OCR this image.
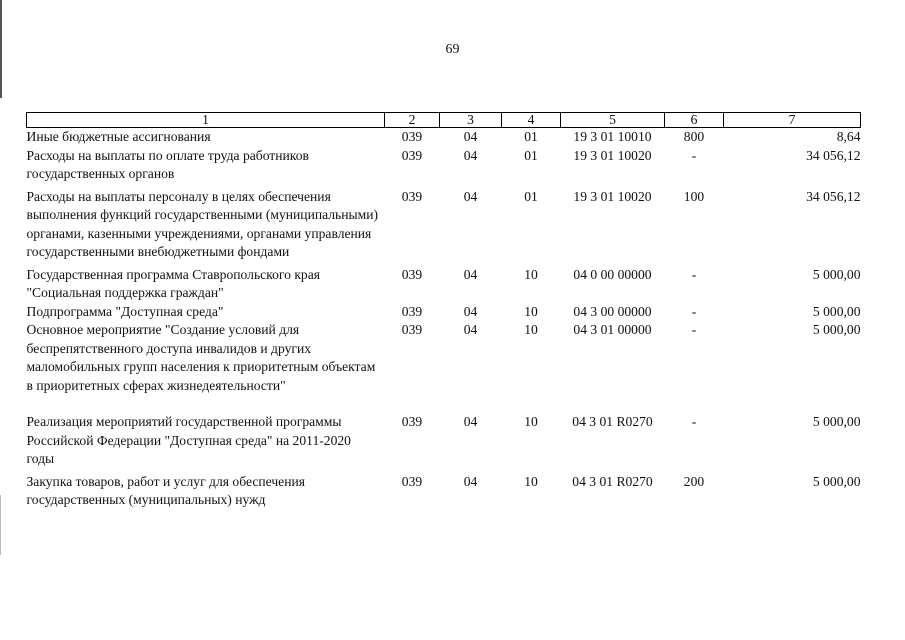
69
1	2	3	4	5	6	7
Иные бюджетные ассигнования	039	04	01	19 3 01 10010	800	8,64
Расходы на выплаты по оплате труда работников государственных органов	039	04	01	19 3 01 10020	-	34 056,12
Расходы на выплаты персоналу в целях обеспечения выполнения функций государственными (муниципальными) органами, казенными учреждениями, органами управления государственными внебюджетными фондами	039	04	01	19 3 01 10020	100	34 056,12
Государственная программа Ставропольского края "Социальная поддержка граждан"	039	04	10	04 0 00 00000	-	5 000,00
Подпрограмма "Доступная среда"	039	04	10	04 3 00 00000	-	5 000,00
Основное мероприятие "Создание условий для беспрепятственного доступа инвалидов и других маломобильных групп населения к приоритетным объектам в приоритетных сферах жизнедеятельности"	039	04	10	04 3 01 00000	-	5 000,00
Реализация мероприятий государственной программы Российской Федерации "Доступная среда" на 2011-2020 годы	039	04	10	04 3 01 R0270	-	5 000,00
Закупка товаров, работ и услуг для обеспечения государственных (муниципальных) нужд	039	04	10	04 3 01 R0270	200	5 000,00
